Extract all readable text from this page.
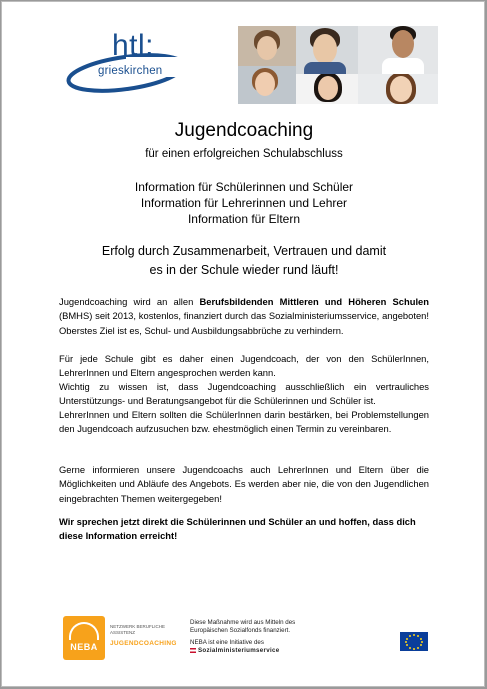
htl:
grieskirchen
Jugendcoaching
für einen erfolgreichen Schulabschluss
Information für Schülerinnen und Schüler
Information für Lehrerinnen und Lehrer
Information für Eltern
Erfolg durch Zusammenarbeit, Vertrauen und damit es in der Schule wieder rund läuft!
Jugendcoaching wird an allen Berufsbildenden Mittleren und Höheren Schulen (BMHS) seit 2013, kostenlos, finanziert durch das Sozialministeriumsservice, angeboten! Oberstes Ziel ist es, Schul- und Ausbildungsabbrüche zu verhindern.
Für jede Schule gibt es daher einen Jugendcoach, der von den SchülerInnen, LehrerInnen und Eltern angesprochen werden kann.
Wichtig zu wissen ist, dass Jugendcoaching ausschließlich ein vertrauliches Unterstützungs- und Beratungsangebot für die Schülerinnen und Schüler ist.
LehrerInnen und Eltern sollten die SchülerInnen darin bestärken, bei Problemstellungen den Jugendcoach aufzusuchen bzw. ehestmöglich einen Termin zu vereinbaren.
Gerne informieren unsere Jugendcoachs auch LehrerInnen und Eltern über die Möglichkeiten und Abläufe des Angebots. Es werden aber nie, die von den Jugendlichen eingebrachten Themen weitergegeben!
Wir sprechen jetzt direkt die Schülerinnen und Schüler an und hoffen, dass dich diese Information erreicht!
NEBA
NETZWERK BERUFLICHE ASSISTENZ
JUGENDCOACHING
Diese Maßnahme wird aus Mitteln des Europäischen Sozialfonds finanziert.
NEBA ist eine Initiative des
Sozialministeriumservice
